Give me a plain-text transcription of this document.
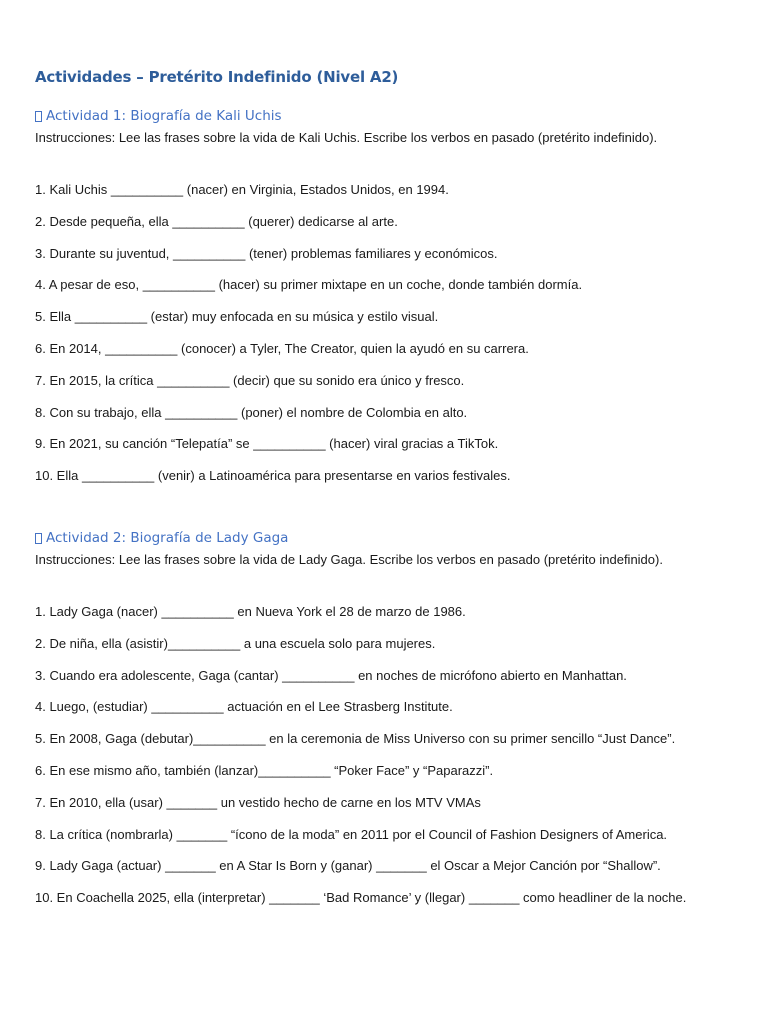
Actividades – Pretérito Indefinido (Nivel A2)
Actividad 1: Biografía de Kali Uchis

Instrucciones: Lee las frases sobre la vida de Kali Uchis. Escribe los verbos en pasado (pretérito indefinido).

1. Kali Uchis __________ (nacer) en Virginia, Estados Unidos, en 1994.
2. Desde pequeña, ella __________ (querer) dedicarse al arte.
3. Durante su juventud, __________ (tener) problemas familiares y económicos.
4. A pesar de eso, __________ (hacer) su primer mixtape en un coche, donde también dormía.
5. Ella __________ (estar) muy enfocada en su música y estilo visual.
6. En 2014, __________ (conocer) a Tyler, The Creator, quien la ayudó en su carrera.
7. En 2015, la crítica __________ (decir) que su sonido era único y fresco.
8. Con su trabajo, ella __________ (poner) el nombre de Colombia en alto.
9. En 2021, su canción “Telepatía” se __________ (hacer) viral gracias a TikTok.
10. Ella __________ (venir) a Latinoamérica para presentarse en varios festivales.
Actividad 2: Biografía de Lady Gaga

Instrucciones: Lee las frases sobre la vida de Lady Gaga. Escribe los verbos en pasado (pretérito indefinido).

1. Lady Gaga (nacer) __________ en Nueva York el 28 de marzo de 1986.
2. De niña, ella (asistir)__________ a una escuela solo para mujeres.
3. Cuando era adolescente, Gaga (cantar) __________ en noches de micrófono abierto en Manhattan.
4. Luego, (estudiar) __________ actuación en el Lee Strasberg Institute.
5. En 2008, Gaga (debutar)__________ en la ceremonia de Miss Universo con su primer sencillo “Just Dance”.
6. En ese mismo año, también (lanzar)__________ “Poker Face” y “Paparazzi”.
7. En 2010, ella (usar) _______ un vestido hecho de carne en los MTV VMAs
8. La crítica (nombrarla) _______ “ícono de la moda” en 2011 por el Council of Fashion Designers of America.
9. Lady Gaga (actuar) _______ en A Star Is Born y (ganar) _______ el Oscar a Mejor Canción por “Shallow”.
10. En Coachella 2025, ella (interpretar) _______ ‘Bad Romance’ y (llegar) _______ como headliner de la noche.
